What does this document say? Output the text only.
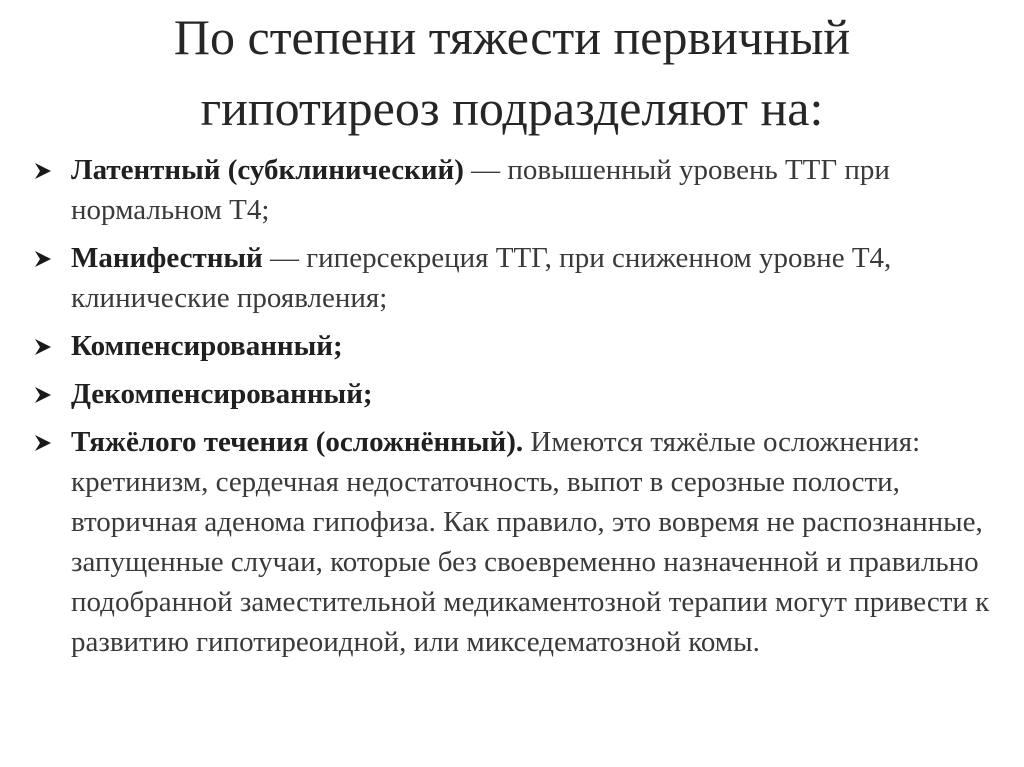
По степени тяжести первичный
гипотиреоз подразделяют на:
Латентный (субклинический) — повышенный уровень ТТГ при нормальном Т4;
Манифестный — гиперсекреция ТТГ, при сниженном уровне Т4, клинические проявления;
Компенсированный;
Декомпенсированный;
Тяжёлого течения (осложнённый). Имеются тяжёлые осложнения: кретинизм, сердечная недостаточность, выпот в серозные полости, вторичная аденома гипофиза. Как правило, это вовремя не распознанные, запущенные случаи, которые без своевременно назначенной и правильно подобранной заместительной медикаментозной терапии могут привести к развитию гипотиреоидной, или микседематозной комы.
